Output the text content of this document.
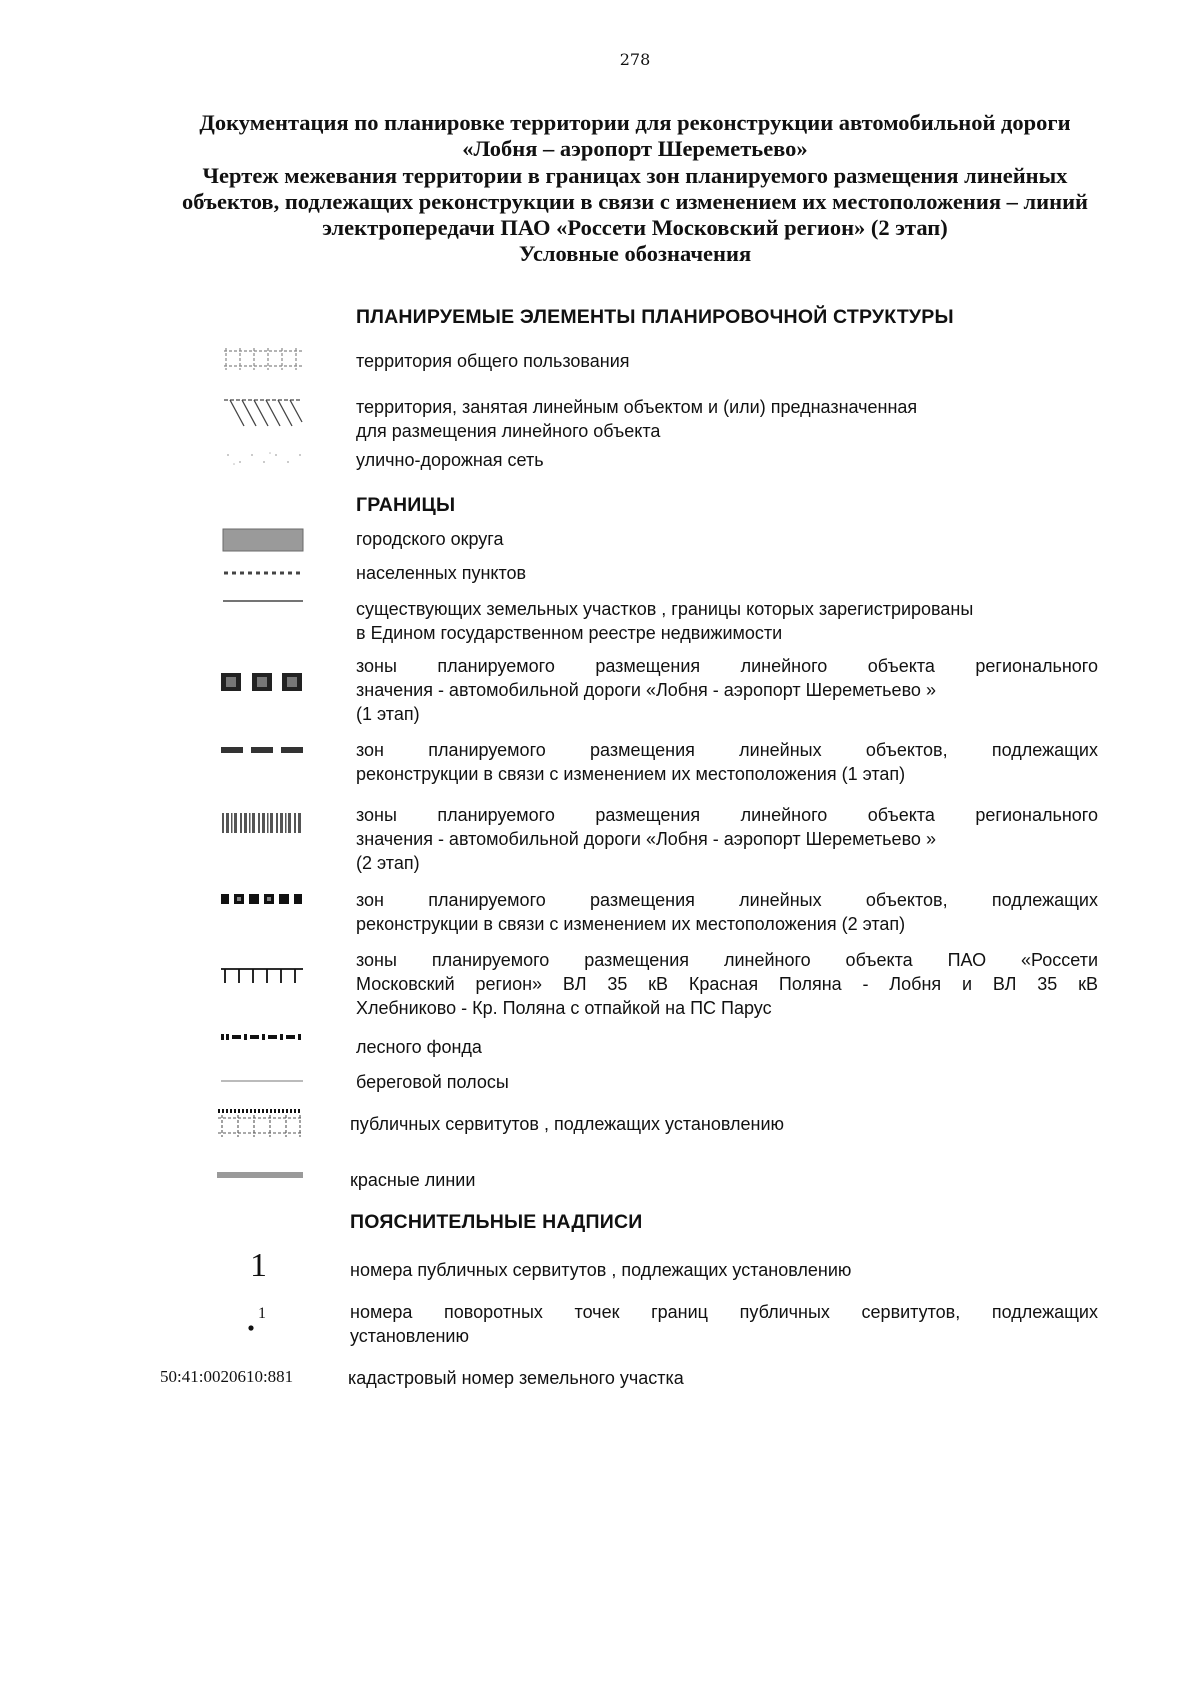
278
Документация по планировке территории для реконструкции автомобильной дороги
«Лобня – аэропорт Шереметьево»
Чертеж межевания территории в границах зон планируемого размещения линейных
объектов, подлежащих реконструкции в связи с изменением их местоположения – линий
электропередачи ПАО «Россети Московский регион» (2 этап)
Условные обозначения
ПЛАНИРУЕМЫЕ ЭЛЕМЕНТЫ ПЛАНИРОВОЧНОЙ СТРУКТУРЫ
территория общего пользования
территория, занятая линейным объектом и (или) предназначенная
для размещения линейного объекта
улично-дорожная сеть
ГРАНИЦЫ
городского округа
населенных пунктов
существующих земельных участков , границы которых зарегистрированы
в Едином государственном реестре недвижимости
зоны планируемого размещения линейного объекта регионального
значения - автомобильной дороги «Лобня - аэропорт Шереметьево »
(1 этап)
зон планируемого размещения линейных объектов, подлежащих
реконструкции в связи с изменением их местоположения (1 этап)
зоны планируемого размещения линейного объекта регионального
значения - автомобильной дороги «Лобня - аэропорт Шереметьево »
(2 этап)
зон планируемого размещения линейных объектов, подлежащих
реконструкции в связи с изменением их местоположения (2 этап)
зоны планируемого размещения линейного объекта ПАО «Россети
Московский регион» ВЛ 35 кВ Красная Поляна - Лобня и ВЛ 35 кВ
Хлебниково - Кр. Поляна с отпайкой на ПС Парус
лесного фонда
береговой полосы
публичных сервитутов , подлежащих установлению
красные линии
ПОЯСНИТЕЛЬНЫЕ НАДПИСИ
1	номера публичных сервитутов , подлежащих установлению
1	номера поворотных точек границ публичных сервитутов, подлежащих
установлению
50:41:0020610:881	кадастровый номер земельного участка
